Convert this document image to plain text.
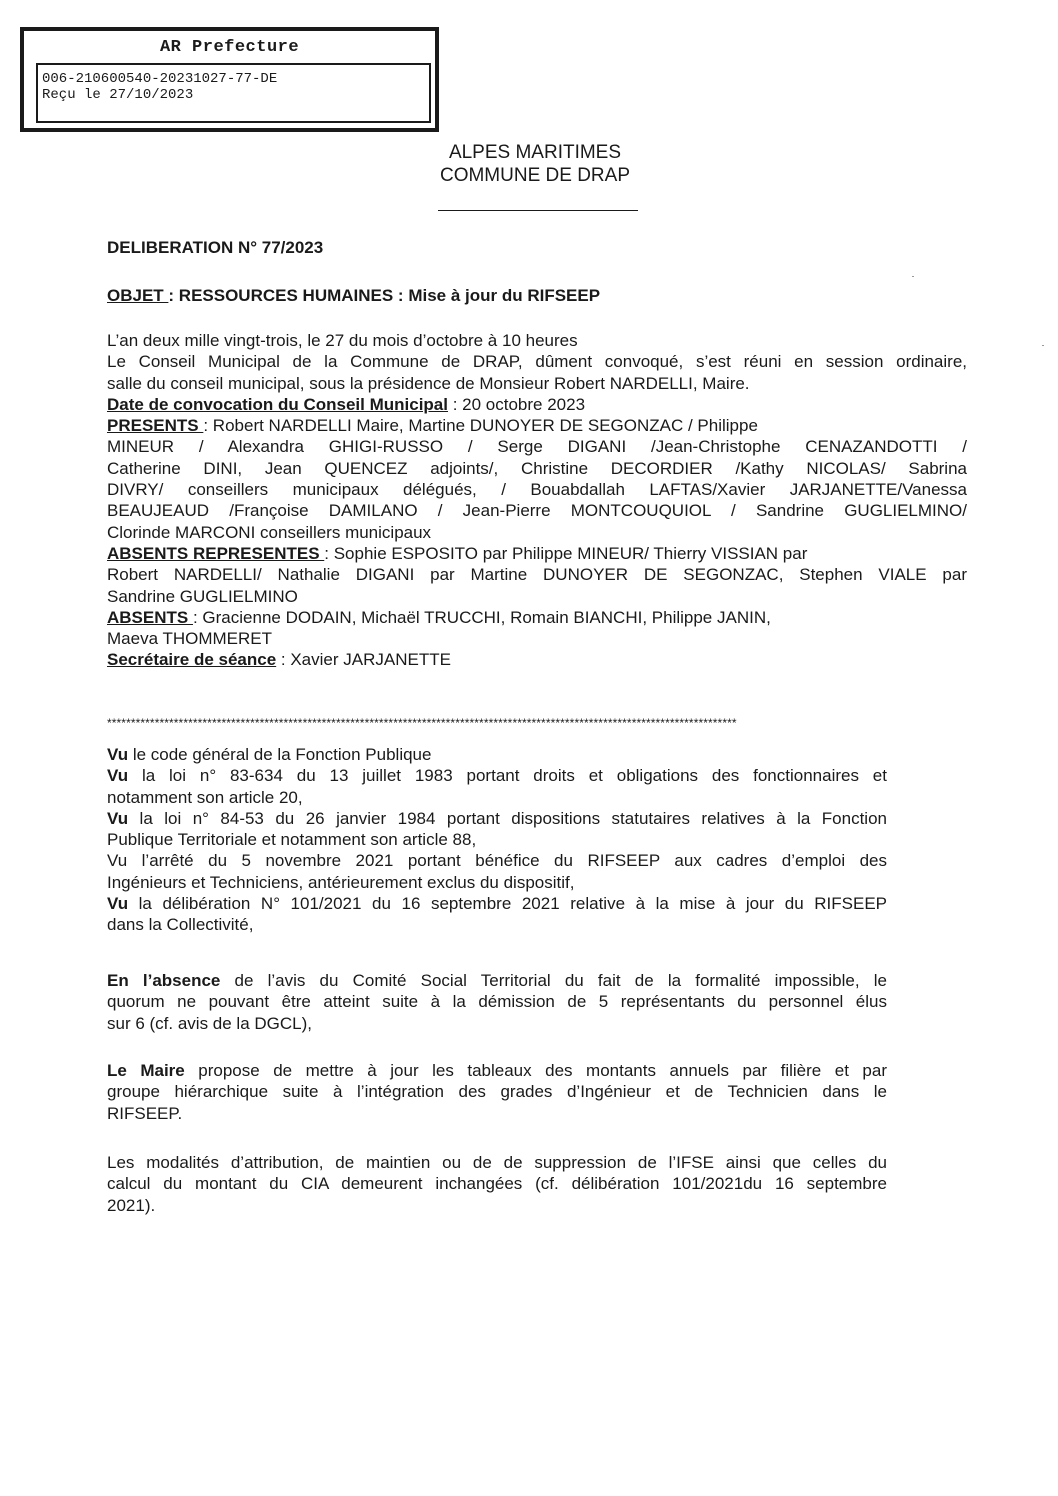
AR Prefecture
006-210600540-20231027-77-DE
Reçu le 27/10/2023
ALPES MARITIMES
COMMUNE DE DRAP
DELIBERATION N° 77/2023
OBJET : RESSOURCES HUMAINES : Mise à jour du RIFSEEP
L’an deux mille vingt-trois, le 27 du mois d’octobre à 10 heures
Le Conseil Municipal de la Commune de DRAP, dûment convoqué, s’est réuni en session ordinaire,
salle du conseil municipal, sous la présidence de Monsieur Robert NARDELLI, Maire.
Date de convocation du Conseil Municipal : 20 octobre 2023
PRESENTS : Robert NARDELLI Maire, Martine DUNOYER DE SEGONZAC / Philippe
MINEUR / Alexandra GHIGI-RUSSO / Serge DIGANI /Jean-Christophe CENAZANDOTTI /
Catherine DINI, Jean QUENCEZ adjoints/, Christine DECORDIER /Kathy NICOLAS/ Sabrina
DIVRY/ conseillers municipaux délégués, / Bouabdallah LAFTAS/Xavier JARJANETTE/Vanessa
BEAUJEAUD /Françoise DAMILANO / Jean-Pierre MONTCOUQUIOL / Sandrine GUGLIELMINO/
Clorinde MARCONI conseillers municipaux
ABSENTS REPRESENTES : Sophie ESPOSITO par Philippe MINEUR/ Thierry VISSIAN par
Robert NARDELLI/ Nathalie DIGANI par Martine DUNOYER DE SEGONZAC, Stephen VIALE par
Sandrine GUGLIELMINO
ABSENTS : Gracienne DODAIN, Michaël TRUCCHI, Romain BIANCHI, Philippe JANIN,
Maeva THOMMERET
Secrétaire de séance : Xavier JARJANETTE
************************************************************************************************************************************
Vu le code général de la Fonction Publique
Vu la loi n° 83-634 du 13 juillet 1983 portant droits et obligations des fonctionnaires et
notamment son article 20,
Vu la loi n° 84-53 du 26 janvier 1984 portant dispositions statutaires relatives à la Fonction
Publique Territoriale et notamment son article 88,
Vu l’arrêté du 5 novembre 2021 portant bénéfice du RIFSEEP aux cadres d’emploi des
Ingénieurs et Techniciens, antérieurement exclus du dispositif,
Vu la délibération N° 101/2021 du 16 septembre 2021 relative à la mise à jour du RIFSEEP
dans la Collectivité,
En l’absence de l’avis du Comité Social Territorial du fait de la formalité impossible, le
quorum ne pouvant être atteint suite à la démission de 5 représentants du personnel élus
sur 6 (cf. avis de la DGCL),
Le Maire propose de mettre à jour les tableaux des montants annuels par filière et par
groupe hiérarchique suite à l’intégration des grades d’Ingénieur et de Technicien dans le
RIFSEEP.
Les modalités d’attribution, de maintien ou de de suppression de l’IFSE ainsi que celles du
calcul du montant du CIA demeurent inchangées (cf. délibération 101/2021du 16 septembre
2021).
